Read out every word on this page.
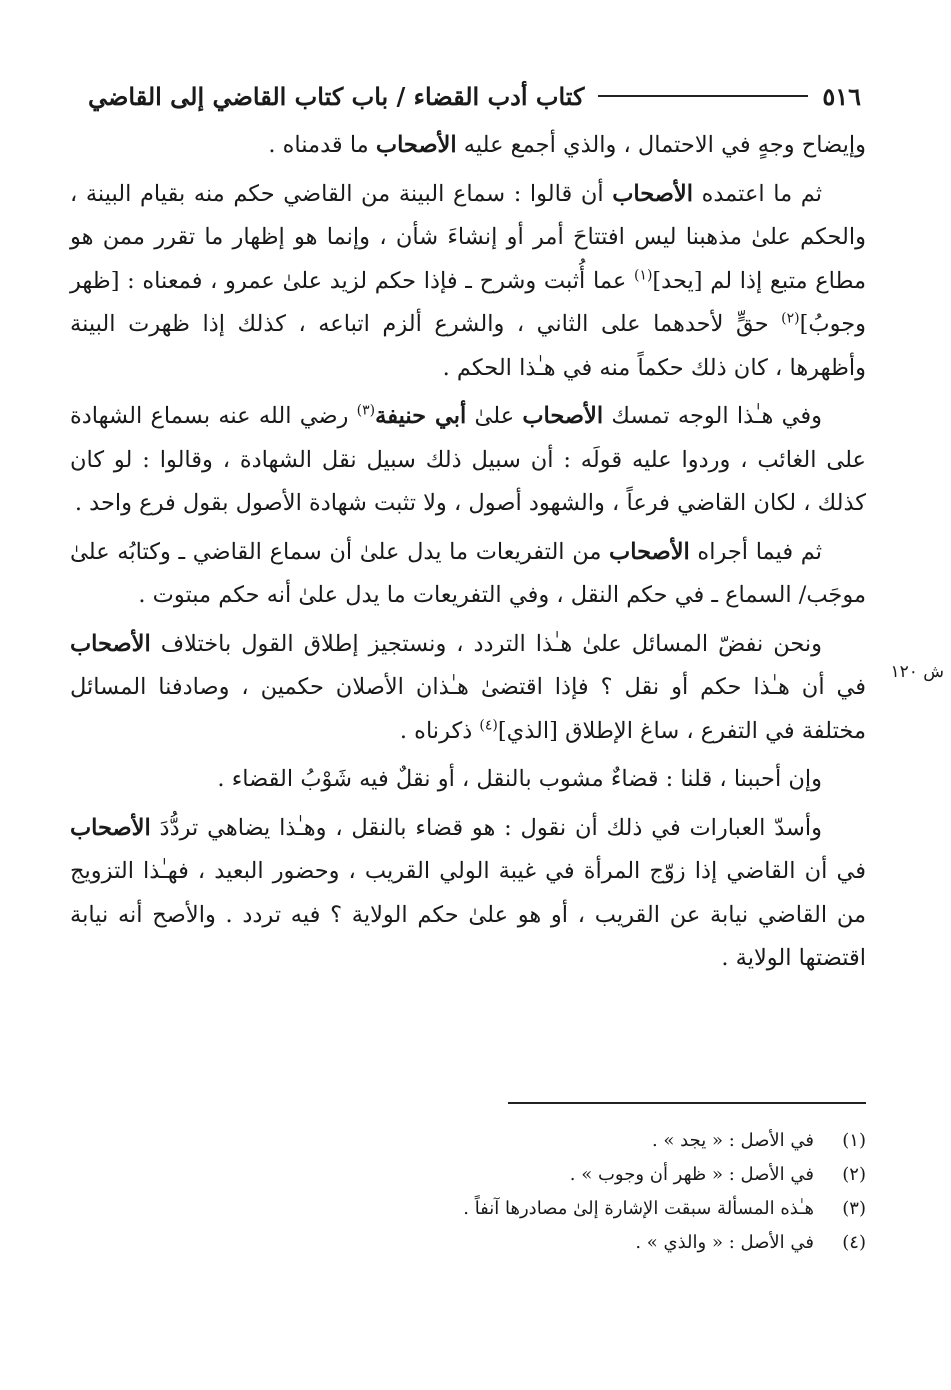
٥١٦
كتاب أدب القضاء / باب كتاب القاضي إلى القاضي

وإيضاح وجهٍ في الاحتمال ، والذي أجمع عليه الأصحاب ما قدمناه .

ثم ما اعتمده الأصحاب أن قالوا : سماع البينة من القاضي حكم منه بقيام البينة ، والحكم علىٰ مذهبنا ليس افتتاحَ أمر أو إنشاءَ شأن ، وإنما هو إظهار ما تقرر ممن هو مطاع متبع إذا لم [يحد]$^{(١)}$ عما أُثبت وشرح ـ فإذا حكم لزيد علىٰ عمرو ، فمعناه : [ظهر وجوبُ]$^{(٢)}$ حقٍّ لأحدهما على الثاني ، والشرع ألزم اتباعه ، كذلك إذا ظهرت البينة وأظهرها ، كان ذلك حكماً منه في هـٰذا الحكم .

وفي هـٰذا الوجه تمسك الأصحاب علىٰ أبي حنيفة$^{(٣)}$ رضي الله عنه بسماع الشهادة على الغائب ، وردوا عليه قولَه : أن سبيل ذلك سبيل نقل الشهادة ، وقالوا : لو كان كذلك ، لكان القاضي فرعاً ، والشهود أصول ، ولا تثبت شهادة الأصول بقول فرع واحد .

ثم فيما أجراه الأصحاب من التفريعات ما يدل علىٰ أن سماع القاضي ـ وكتابُه علىٰ موجَب/ السماع ـ في حكم النقل ، وفي التفريعات ما يدل علىٰ أنه حكم مبتوت .

ونحن نفضّ المسائل علىٰ هـٰذا التردد ، ونستجيز إطلاق القول باختلاف الأصحاب في أن هـٰذا حكم أو نقل ؟ فإذا اقتضىٰ هـٰذان الأصلان حكمين ، وصادفنا المسائل مختلفة في التفرع ، ساغ الإطلاق [الذي]$^{(٤)}$ ذكرناه .

وإن أحببنا ، قلنا : قضاءٌ مشوب بالنقل ، أو نقلٌ فيه شَوْبُ القضاء .

وأسدّ العبارات في ذلك أن نقول : هو قضاء بالنقل ، وهـٰذا يضاهي تردُّدَ الأصحاب في أن القاضي إذا زوّج المرأة في غيبة الولي القريب ، وحضور البعيد ، فهـٰذا التزويج من القاضي نيابة عن القريب ، أو هو علىٰ حكم الولاية ؟ فيه تردد . والأصح أنه نيابة اقتضتها الولاية .

ش ١٢٠
(١)
في الأصل : « يجد » .
(٢)
في الأصل : « ظهر أن وجوب » .
(٣)
هـٰذه المسألة سبقت الإشارة إلىٰ مصادرها آنفاً .
(٤)
في الأصل : « والذي » .
